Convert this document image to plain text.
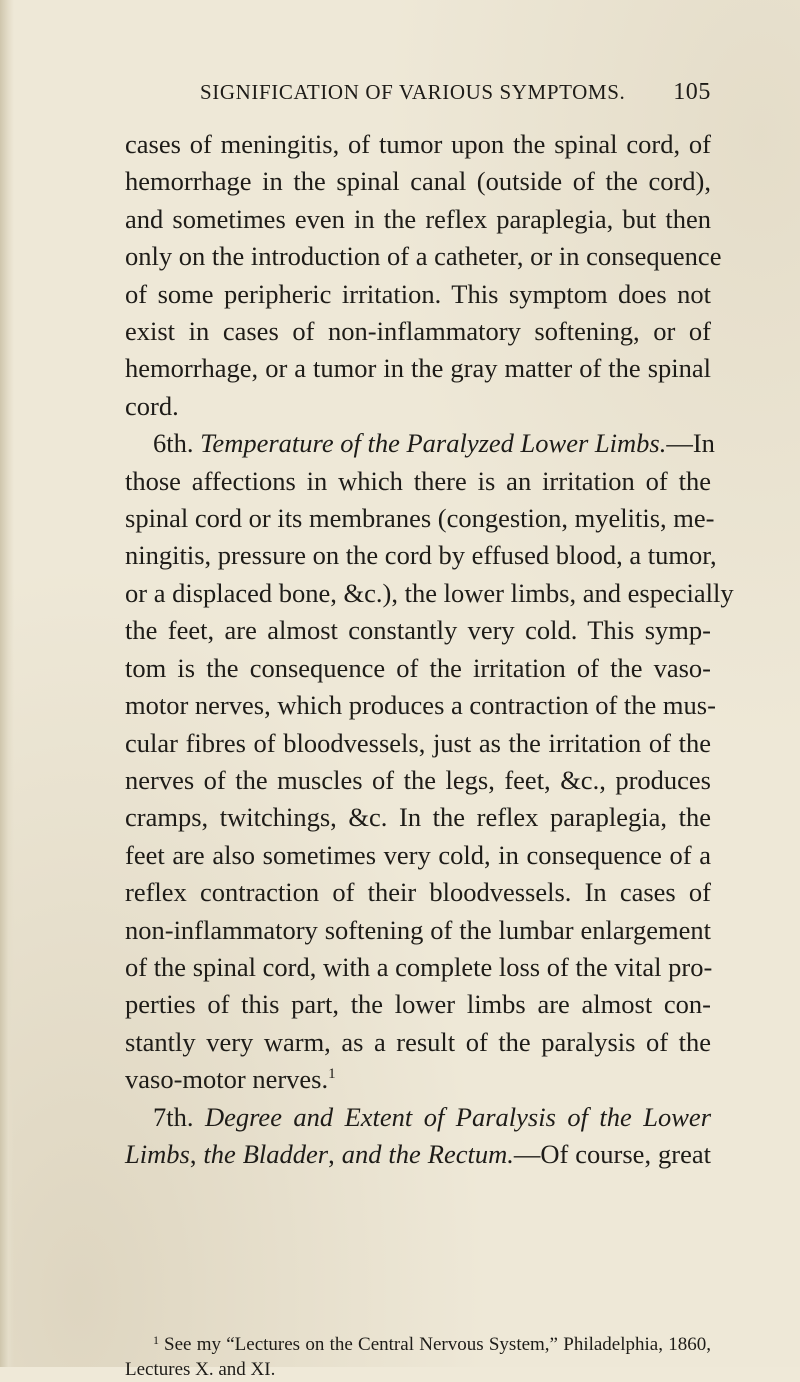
SIGNIFICATION OF VARIOUS SYMPTOMS. 105
cases of meningitis, of tumor upon the spinal cord, of
hemorrhage in the spinal canal (outside of the cord),
and sometimes even in the reflex paraplegia, but then
only on the introduction of a catheter, or in consequence
of some peripheric irritation. This symptom does not
exist in cases of non-inflammatory softening, or of
hemorrhage, or a tumor in the gray matter of the spinal
cord.
6th. Temperature of the Paralyzed Lower Limbs.—In
those affections in which there is an irritation of the
spinal cord or its membranes (congestion, myelitis, me-
ningitis, pressure on the cord by effused blood, a tumor,
or a displaced bone, &c.), the lower limbs, and especially
the feet, are almost constantly very cold. This symp-
tom is the consequence of the irritation of the vaso-
motor nerves, which produces a contraction of the mus-
cular fibres of bloodvessels, just as the irritation of the
nerves of the muscles of the legs, feet, &c., produces
cramps, twitchings, &c. In the reflex paraplegia, the
feet are also sometimes very cold, in consequence of a
reflex contraction of their bloodvessels. In cases of
non-inflammatory softening of the lumbar enlargement
of the spinal cord, with a complete loss of the vital pro-
perties of this part, the lower limbs are almost con-
stantly very warm, as a result of the paralysis of the
vaso-motor nerves.$^1$
7th. Degree and Extent of Paralysis of the Lower
Limbs, the Bladder, and the Rectum.—Of course, great
$^1$ See my “Lectures on the Central Nervous System,” Philadelphia, 1860,
Lectures X. and XI.
